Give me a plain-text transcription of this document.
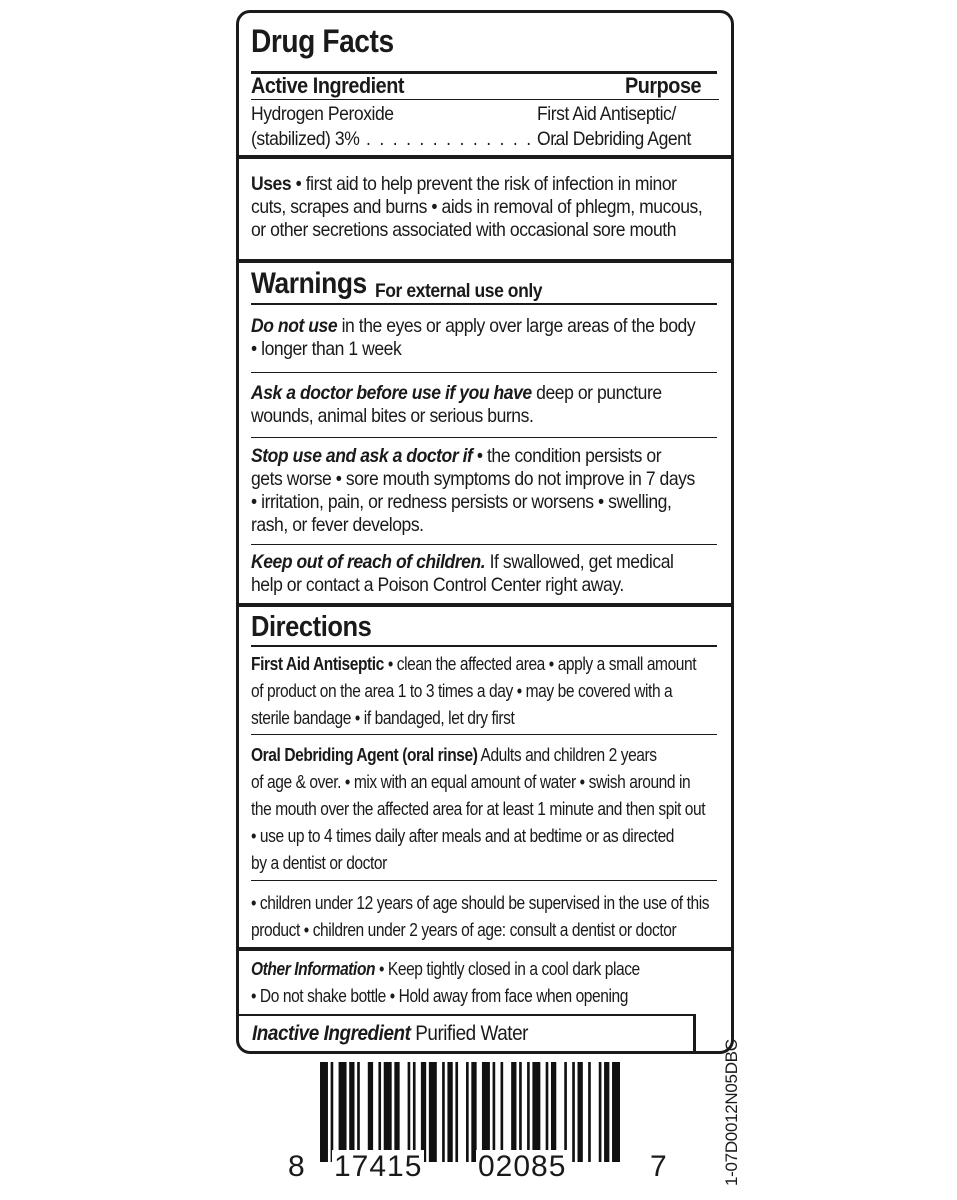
Drug Facts
Active Ingredient	Purpose
Hydrogen Peroxide
(stabilized) 3% . . . . . . . . . . . . . . .
First Aid Antiseptic/
Oral Debriding Agent
Uses • first aid to help prevent the risk of infection in minor
cuts, scrapes and burns • aids in removal of phlegm, mucous,
or other secretions associated with occasional sore mouth
Warnings For external use only
Do not use in the eyes or apply over large areas of the body
• longer than 1 week
Ask a doctor before use if you have deep or puncture
wounds, animal bites or serious burns.
Stop use and ask a doctor if • the condition persists or
gets worse • sore mouth symptoms do not improve in 7 days
• irritation, pain, or redness persists or worsens • swelling,
rash, or fever develops.
Keep out of reach of children. If swallowed, get medical
help or contact a Poison Control Center right away.
Directions
First Aid Antiseptic • clean the affected area • apply a small amount
of product on the area 1 to 3 times a day • may be covered with a
sterile bandage • if bandaged, let dry first
Oral Debriding Agent (oral rinse) Adults and children 2 years
of age & over. • mix with an equal amount of water • swish around in
the mouth over the affected area for at least 1 minute and then spit out
• use up to 4 times daily after meals and at bedtime or as directed
by a dentist or doctor
• children under 12 years of age should be supervised in the use of this
product • children under 2 years of age: consult a dentist or doctor
Other Information • Keep tightly closed in a cool dark place
• Do not shake bottle • Hold away from face when opening
Inactive Ingredient Purified Water
1-07D0012N05DBC
8 17415 02085	7
